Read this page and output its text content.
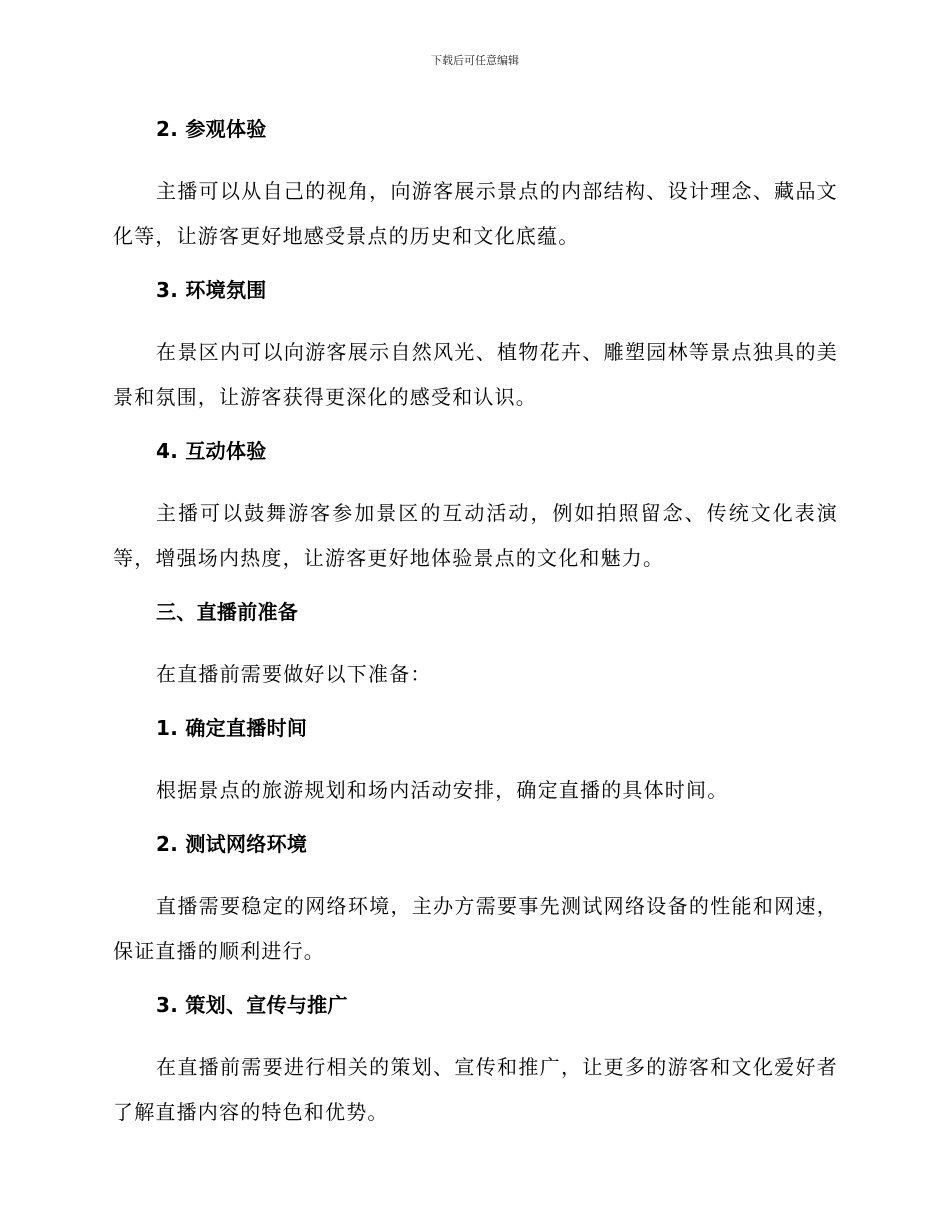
下载后可任意编辑
2. 参观体验
主播可以从自己的视角，向游客展示景点的内部结构、设计理念、藏品文化等，让游客更好地感受景点的历史和文化底蕴。
3. 环境氛围
在景区内可以向游客展示自然风光、植物花卉、雕塑园林等景点独具的美景和氛围，让游客获得更深化的感受和认识。
4. 互动体验
主播可以鼓舞游客参加景区的互动活动，例如拍照留念、传统文化表演等，增强场内热度，让游客更好地体验景点的文化和魅力。
三、直播前准备
在直播前需要做好以下准备：
1. 确定直播时间
根据景点的旅游规划和场内活动安排，确定直播的具体时间。
2. 测试网络环境
直播需要稳定的网络环境，主办方需要事先测试网络设备的性能和网速，保证直播的顺利进行。
3. 策划、宣传与推广
在直播前需要进行相关的策划、宣传和推广，让更多的游客和文化爱好者了解直播内容的特色和优势。
